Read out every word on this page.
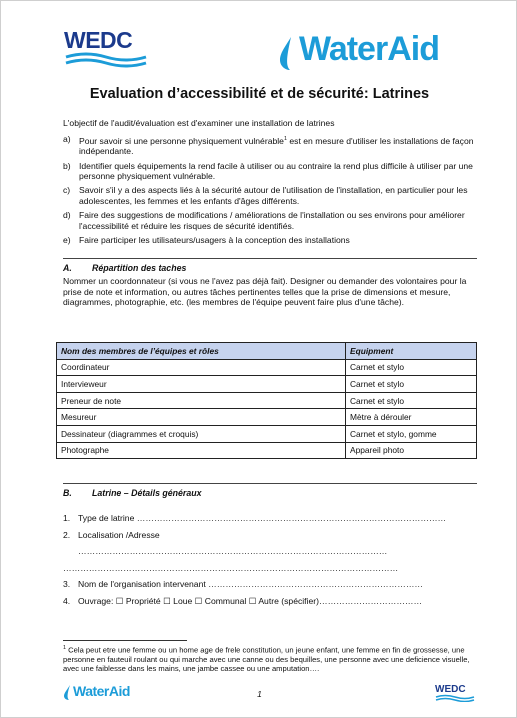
WEDC	WaterAid
Evaluation d’accessibilité et de sécurité: Latrines
L'objectif de l'audit/évaluation est d'examiner une installation de latrines
a) Pour savoir si une personne physiquement vulnérable$^1$ est en mesure d'utiliser les installations de façon indépendante.
b) Identifier quels équipements la rend facile à utiliser ou au contraire la rend plus difficile à utiliser par une personne physiquement vulnérable.
c) Savoir s'il y a des aspects liés à la sécurité autour de l'utilisation de l'installation, en particulier pour les adolescentes, les femmes et les enfants d'âges différents.
d) Faire des suggestions de modifications / améliorations de l'installation ou ses environs pour améliorer l'accessibilité et réduire les risques de sécurité identifiés.
e) Faire participer les utilisateurs/usagers à la conception des installations
A. Répartition des taches
Nommer un coordonnateur (si vous ne l'avez pas déjà fait). Designer ou demander des volontaires pour la prise de note et information, ou autres tâches pertinentes telles que la prise de dimensions et mesure, diagrammes, photographie, etc. (les membres de l'équipe peuvent faire plus d'une tâche).
Nom des membres de l’équipes et rôles	Equipment
Coordinateur	Carnet et stylo
Intervieweur	Carnet et stylo
Preneur de note	Carnet et stylo
Mesureur	Mètre à dérouler
Dessinateur (diagrammes et croquis)	Carnet et stylo, gomme
Photographe	Appareil photo
B. Latrine – Détails généraux
1. Type de latrine ………………………………………………………………………………………………
2. Localisation /Adresse
………………………………………………………………………………………………
………………………………………………………………………………………………………
3. Nom de l'organisation intervenant …………………………………………………………………
4. Ouvrage: ☐ Propriété ☐ Loue ☐ Communal ☐ Autre (spécifier)………………………………
$^1$ Cela peut etre une femme ou un home age de frele constitution, un jeune enfant, une femme en fin de grossesse, une personne en fauteuil roulant ou qui marche avec une canne ou des bequilles, une personne avec une deficience visuelle, avec une faiblesse dans les mains, une jambe cassee ou une amputation….
WaterAid	1	WEDC
